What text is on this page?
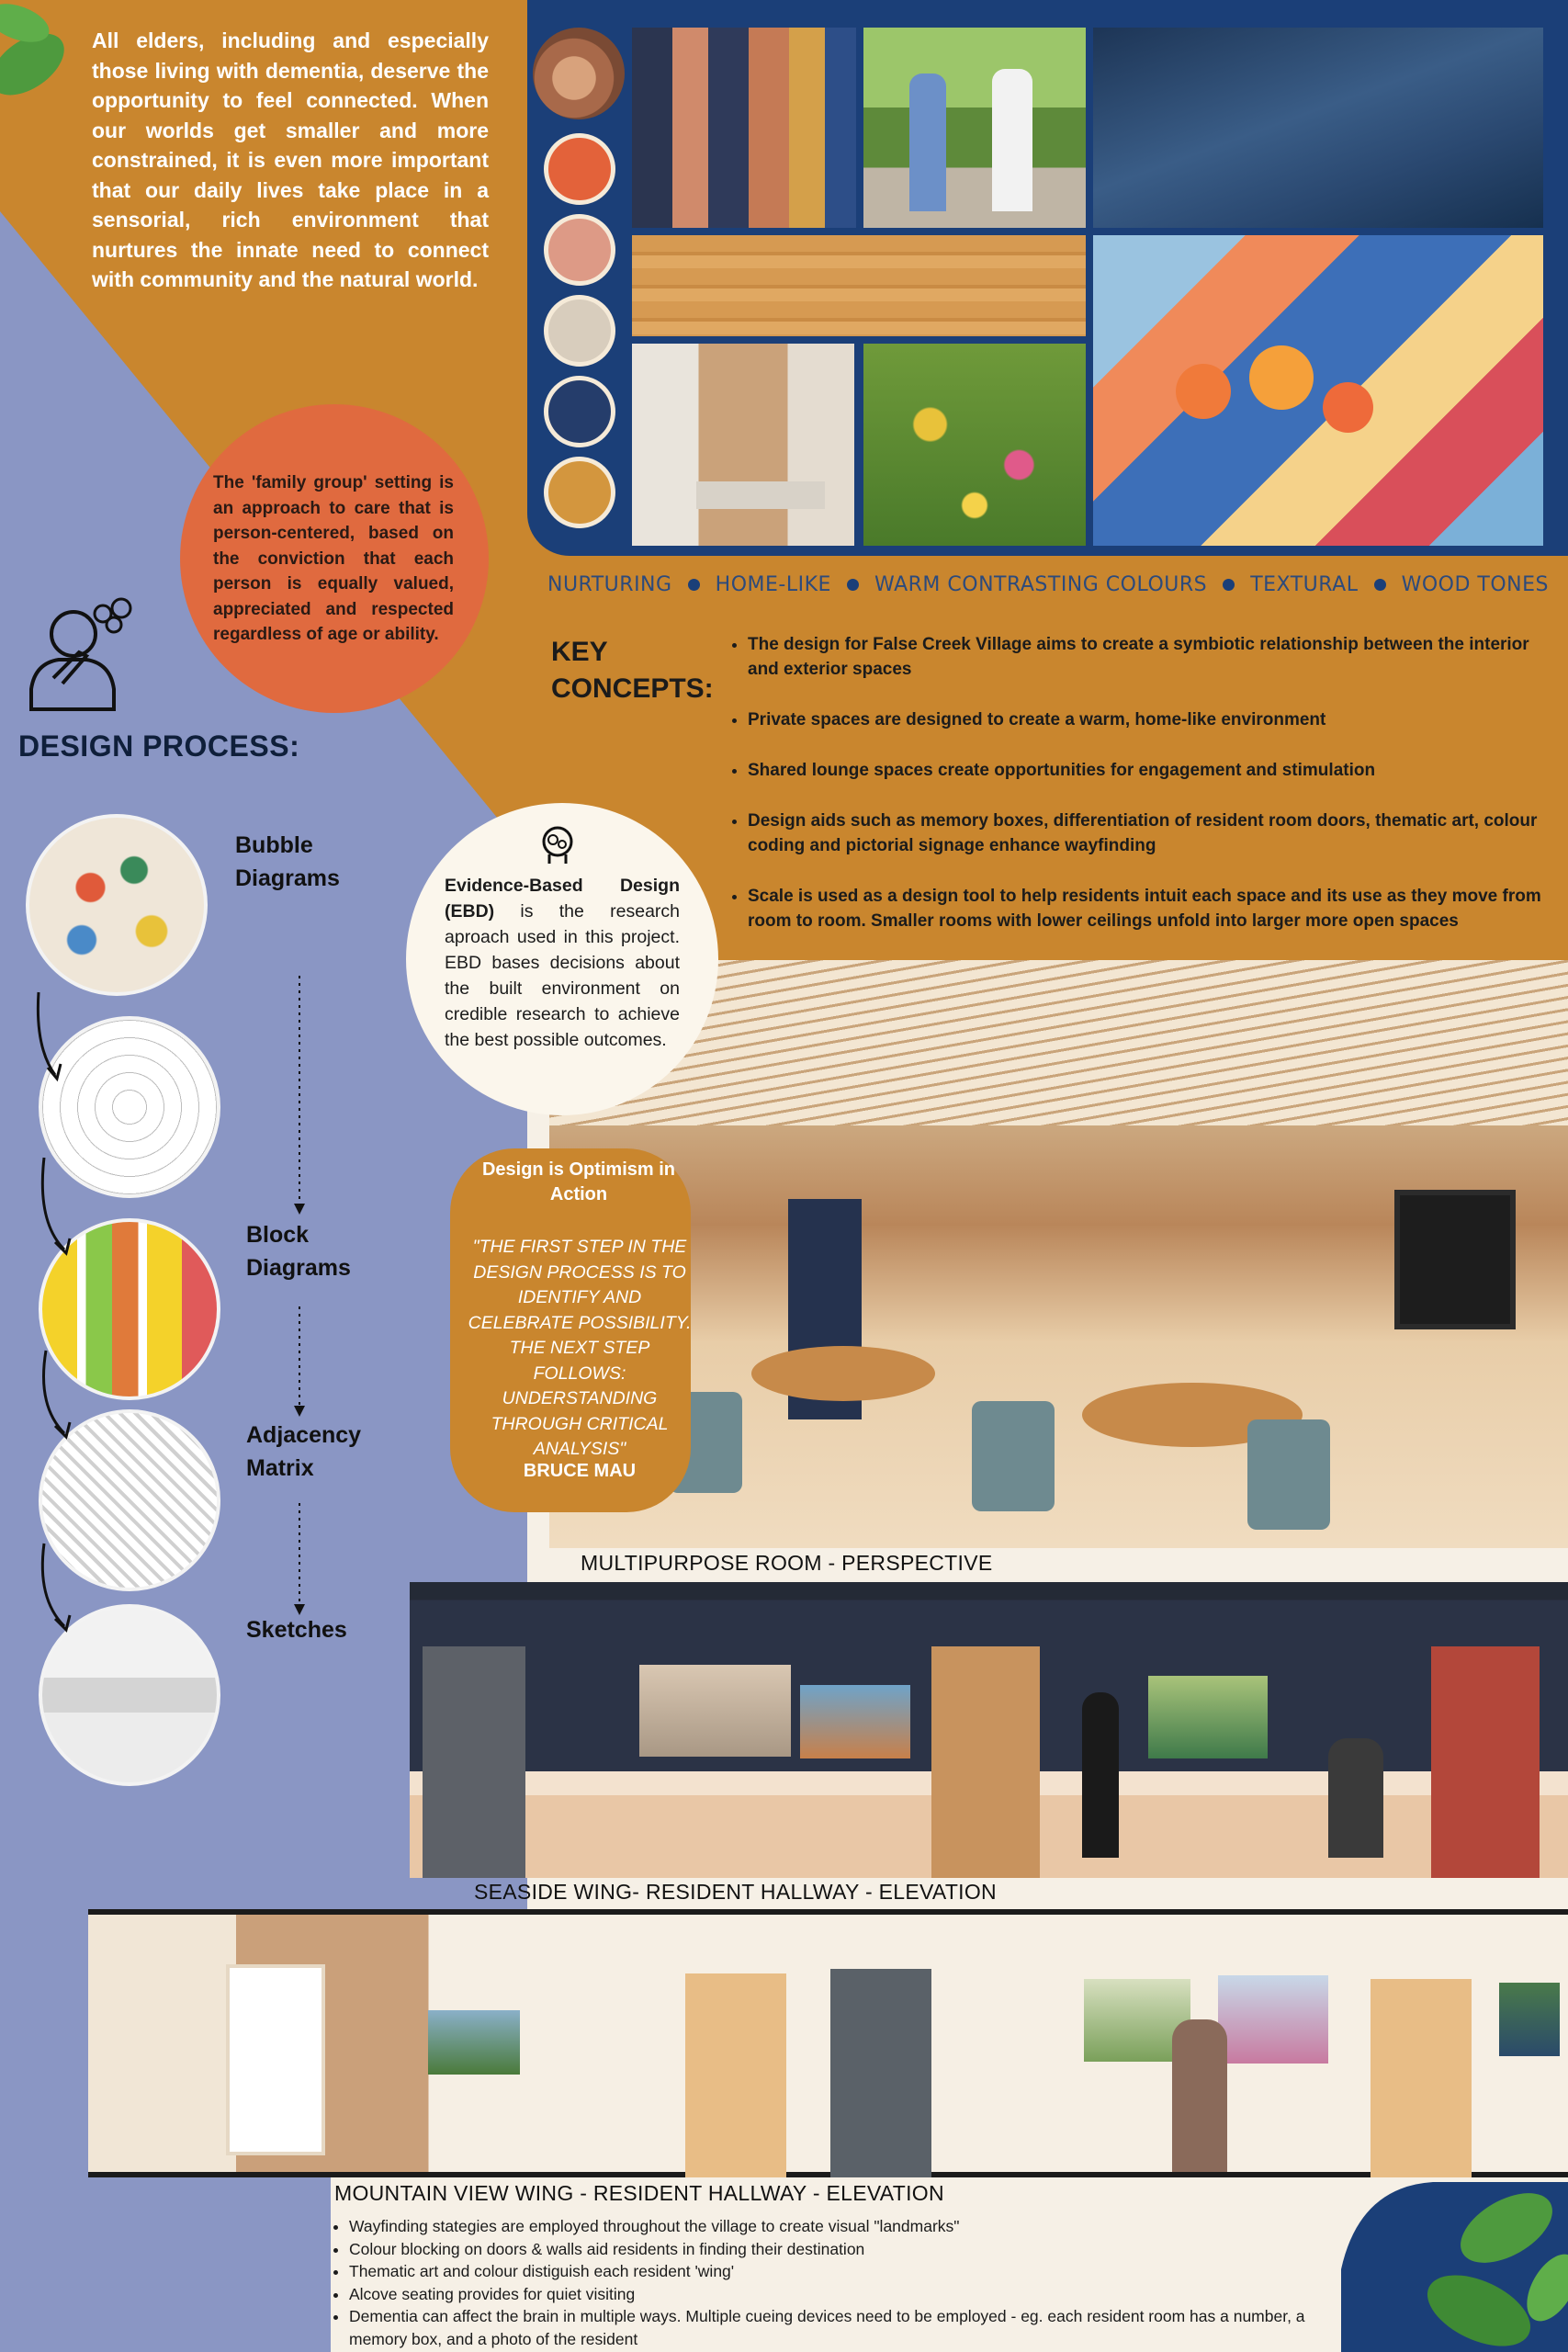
All elders, including and especially those living with dementia, deserve the opportunity to feel connected. When our worlds get smaller and more constrained, it is even more important that our daily lives take place in a sensorial, rich environment that nurtures the innate need to connect with community and the natural world.
The 'family group' setting is an approach to care that is person-centered, based on the conviction that each person is equally valued, appreciated and respected regardless of age or ability.
NURTURING HOME-LIKE WARM CONTRASTING COLOURS TEXTURAL WOOD TONES
KEY
CONCEPTS:
• The design for False Creek Village aims to create a symbiotic relationship between the interior and exterior spaces
• Private spaces are designed to create a warm, home-like environment
• Shared lounge spaces create opportunities for engagement and stimulation
• Design aids such as memory boxes, differentiation of resident room doors, thematic art, colour coding and pictorial signage enhance wayfinding
• Scale is used as a design tool to help residents intuit each space and its use as they move from room to room. Smaller rooms with lower ceilings unfold into larger more open spaces
DESIGN PROCESS:
Bubble Diagrams
Block Diagrams
Adjacency Matrix
Sketches
Evidence-Based Design (EBD) is the research aproach used in this project. EBD bases decisions about the built environment on credible research to achieve the best possible outcomes.
Design is Optimism in Action
"THE FIRST STEP IN THE DESIGN PROCESS IS TO IDENTIFY AND CELEBRATE POSSIBILITY. THE NEXT STEP FOLLOWS: UNDERSTANDING THROUGH CRITICAL ANALYSIS"
BRUCE MAU
MULTIPURPOSE ROOM - PERSPECTIVE
SEASIDE WING- RESIDENT HALLWAY - ELEVATION
MOUNTAIN VIEW WING - RESIDENT HALLWAY - ELEVATION
• Wayfinding stategies are employed throughout the village to create visual "landmarks"
• Colour blocking on doors & walls aid residents in finding their destination
• Thematic art and colour distiguish each resident 'wing'
• Alcove seating provides for quiet visiting
• Dementia can affect the brain in multiple ways. Multiple cueing devices need to be employed - eg. each resident room has a number, a memory box, and a photo of the resident
